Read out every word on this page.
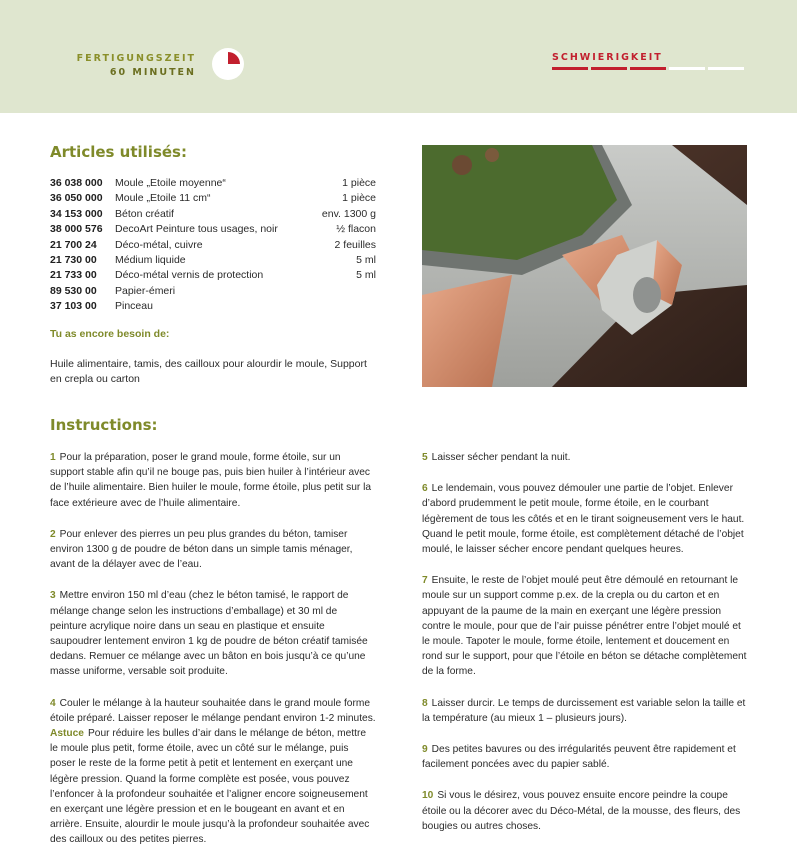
FERTIGUNGSZEIT
60 MINUTEN
SCHWIERIGKEIT
Articles utilisés:
36 038 000	Moule „Etoile moyenne“	1 pièce
36 050 000	Moule „Etoile 11 cm“	1 pièce
34 153 000	Béton créatif	env. 1300 g
38 000 576	DecoArt Peinture tous usages, noir	½ flacon
21 700 24	Déco-métal, cuivre	2 feuilles
21 730 00	Médium liquide	5 ml
21 733 00	Déco-métal vernis de protection	5 ml
89 530 00	Papier-émeri
37 103 00	Pinceau
Tu as encore besoin de:
Huile alimentaire, tamis, des cailloux pour alourdir le moule, Support en crepla ou carton
Instructions:

1 Pour la préparation, poser le grand moule, forme étoile, sur un support stable afin qu’il ne bouge pas, puis bien huiler à l’intérieur avec de l’huile alimentaire. Bien huiler le moule, forme étoile, plus petit sur la face extérieure avec de l’huile alimentaire.

2 Pour enlever des pierres un peu plus grandes du béton, tamiser environ 1300 g de poudre de béton dans un simple tamis ménager, avant de la délayer avec de l’eau.

3 Mettre environ 150 ml d’eau (chez le béton tamisé, le rapport de mélange change selon les instructions d’emballage) et 30 ml de peinture acrylique noire dans un seau en plastique et ensuite saupoudrer lentement environ 1 kg de poudre de béton créatif tamisée dedans. Remuer ce mélange avec un bâton en bois jusqu’à ce qu’une masse uniforme, versable soit produite.

4 Couler le mélange à la hauteur souhaitée dans le grand moule forme étoile préparé. Laisser reposer le mélange pendant environ 1-2 minutes.

Astuce Pour réduire les bulles d’air dans le mélange de béton, mettre le moule plus petit, forme étoile, avec un côté sur le mélange, puis poser le reste de la forme petit à petit et lentement en exerçant une légère pression. Quand la forme complète est posée, vous pouvez l’enfoncer à la profondeur souhaitée et l’aligner encore soigneusement en exerçant une légère pression et en le bougeant en avant et en arrière. Ensuite, alourdir le moule jusqu’à la profondeur souhaitée avec des cailloux ou des petites pierres.

5 Laisser sécher pendant la nuit.

6 Le lendemain, vous pouvez démouler une partie de l’objet. Enlever d’abord prudemment le petit moule, forme étoile, en le courbant légèrement de tous les côtés et en le tirant soigneusement vers le haut. Quand le petit moule, forme étoile, est complètement détaché de l’objet moulé, le laisser sécher encore pendant quelques heures.

7 Ensuite, le reste de l’objet moulé peut être démoulé en retournant le moule sur un support comme p.ex. de la crepla ou du carton et en appuyant de la paume de la main en exerçant une légère pression contre le moule, pour que de l’air puisse pénétrer entre l’objet moulé et le moule. Tapoter le moule, forme étoile, lentement et doucement en rond sur le support, pour que l’étoile en béton se détache complètement de la forme.

8 Laisser durcir. Le temps de durcissement est variable selon la taille et la température (au mieux 1 – plusieurs jours).

9 Des petites bavures ou des irrégularités peuvent être rapidement et facilement poncées avec du papier sablé.

10 Si vous le désirez, vous pouvez ensuite encore peindre la coupe étoile ou la décorer avec du Déco-Métal, de la mousse, des fleurs, des bougies ou autres choses.
